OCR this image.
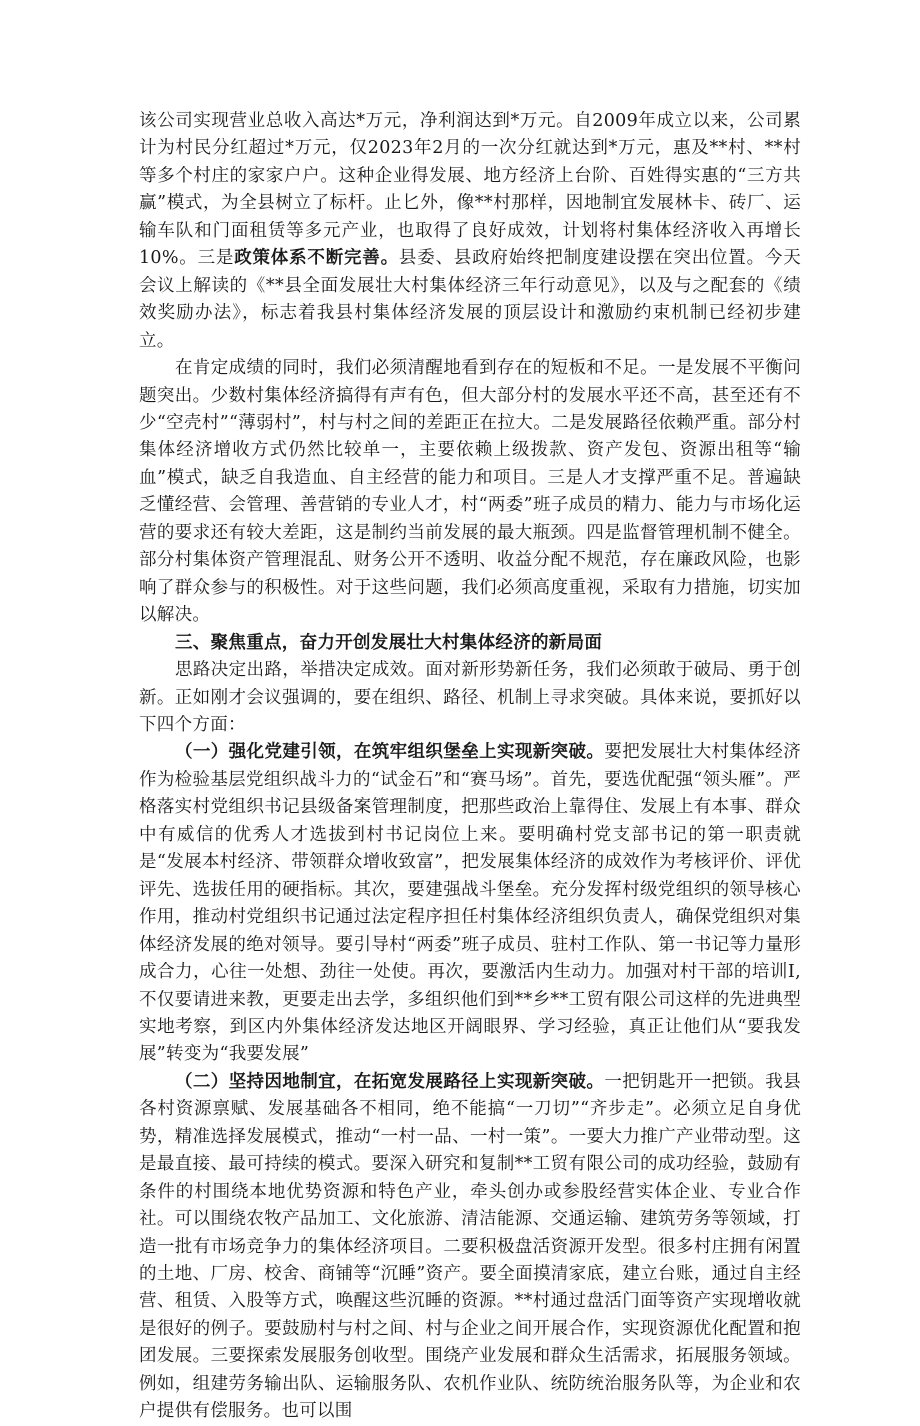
该公司实现营业总收入高达*万元，净利润达到*万元。自2009年成立以来，公司累计为村民分红超过*万元，仅2023年2月的一次分红就达到*万元，惠及**村、**村等多个村庄的家家户户。这种企业得发展、地方经济上台阶、百姓得实惠的“三方共赢”模式，为全县树立了标杆。止匕外，像**村那样，因地制宜发展林卡、砖厂、运输车队和门面租赁等多元产业，也取得了良好成效，计划将村集体经济收入再增长10%。三是政策体系不断完善。县委、县政府始终把制度建设摆在突出位置。今天会议上解读的《**县全面发展壮大村集体经济三年行动意见》，以及与之配套的《绩效奖励办法》，标志着我县村集体经济发展的顶层设计和激励约束机制已经初步建立。

在肯定成绩的同时，我们必须清醒地看到存在的短板和不足。一是发展不平衡问题突出。少数村集体经济搞得有声有色，但大部分村的发展水平还不高，甚至还有不少“空壳村”“薄弱村”，村与村之间的差距正在拉大。二是发展路径依赖严重。部分村集体经济增收方式仍然比较单一，主要依赖上级拨款、资产发包、资源出租等“输血”模式，缺乏自我造血、自主经营的能力和项目。三是人才支撑严重不足。普遍缺乏懂经营、会管理、善营销的专业人才，村“两委”班子成员的精力、能力与市场化运营的要求还有较大差距，这是制约当前发展的最大瓶颈。四是监督管理机制不健全。部分村集体资产管理混乱、财务公开不透明、收益分配不规范，存在廉政风险，也影响了群众参与的积极性。对于这些问题，我们必须高度重视，采取有力措施，切实加以解决。

三、聚焦重点，奋力开创发展壮大村集体经济的新局面

思路决定出路，举措决定成效。面对新形势新任务，我们必须敢于破局、勇于创新。正如刚才会议强调的，要在组织、路径、机制上寻求突破。具体来说，要抓好以下四个方面：

（一）强化党建引领，在筑牢组织堡垒上实现新突破。要把发展壮大村集体经济作为检验基层党组织战斗力的“试金石”和“赛马场”。首先，要选优配强“领头雁”。严格落实村党组织书记县级备案管理制度，把那些政治上靠得住、发展上有本事、群众中有威信的优秀人才选拔到村书记岗位上来。要明确村党支部书记的第一职责就是“发展本村经济、带领群众增收致富”，把发展集体经济的成效作为考核评价、评优评先、选拔任用的硬指标。其次，要建强战斗堡垒。充分发挥村级党组织的领导核心作用，推动村党组织书记通过法定程序担任村集体经济组织负责人，确保党组织对集体经济发展的绝对领导。要引导村“两委”班子成员、驻村工作队、第一书记等力量形成合力，心往一处想、劲往一处使。再次，要激活内生动力。加强对村干部的培训I,不仅要请进来教，更要走出去学，多组织他们到**乡**工贸有限公司这样的先进典型实地考察，到区内外集体经济发达地区开阔眼界、学习经验，真正让他们从“要我发展”转变为“我要发展”

（二）坚持因地制宜，在拓宽发展路径上实现新突破。一把钥匙开一把锁。我县各村资源禀赋、发展基础各不相同，绝不能搞“一刀切”“齐步走”。必须立足自身优势，精准选择发展模式，推动“一村一品、一村一策”。一要大力推广产业带动型。这是最直接、最可持续的模式。要深入研究和复制**工贸有限公司的成功经验，鼓励有条件的村围绕本地优势资源和特色产业，牵头创办或参股经营实体企业、专业合作社。可以围绕农牧产品加工、文化旅游、清洁能源、交通运输、建筑劳务等领域，打造一批有市场竞争力的集体经济项目。二要积极盘活资源开发型。很多村庄拥有闲置的土地、厂房、校舍、商铺等“沉睡”资产。要全面摸清家底，建立台账，通过自主经营、租赁、入股等方式，唤醒这些沉睡的资源。**村通过盘活门面等资产实现增收就是很好的例子。要鼓励村与村之间、村与企业之间开展合作，实现资源优化配置和抱团发展。三要探索发展服务创收型。围绕产业发展和群众生活需求，拓展服务领域。例如，组建劳务输出队、运输服务队、农机作业队、统防统治服务队等，为企业和农户提供有偿服务。也可以围
